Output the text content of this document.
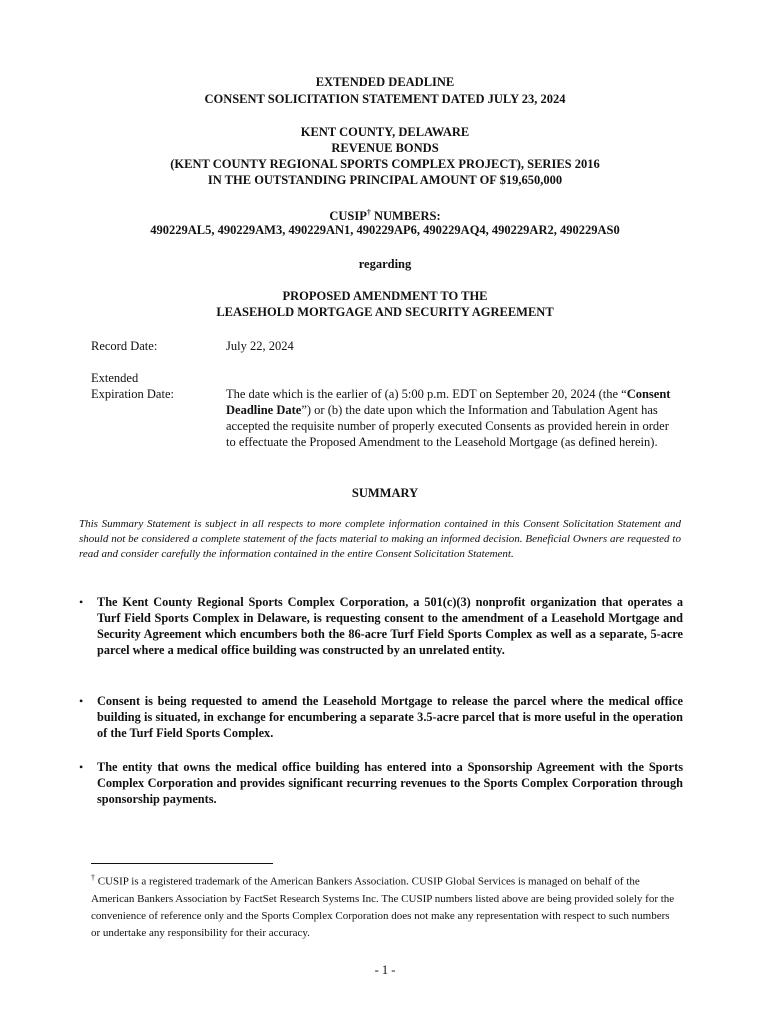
EXTENDED DEADLINE
CONSENT SOLICITATION STATEMENT DATED JULY 23, 2024
KENT COUNTY, DELAWARE
REVENUE BONDS
(KENT COUNTY REGIONAL SPORTS COMPLEX PROJECT), SERIES 2016
IN THE OUTSTANDING PRINCIPAL AMOUNT OF $19,650,000
CUSIP† NUMBERS:
490229AL5, 490229AM3, 490229AN1, 490229AP6, 490229AQ4, 490229AR2, 490229AS0
regarding
PROPOSED AMENDMENT TO THE
LEASEHOLD MORTGAGE AND SECURITY AGREEMENT
Record Date:	July 22, 2024
Extended
Expiration Date:	The date which is the earlier of (a) 5:00 p.m. EDT on September 20, 2024 (the “Consent Deadline Date”) or (b) the date upon which the Information and Tabulation Agent has accepted the requisite number of properly executed Consents as provided herein in order to effectuate the Proposed Amendment to the Leasehold Mortgage (as defined herein).
SUMMARY
This Summary Statement is subject in all respects to more complete information contained in this Consent Solicitation Statement and should not be considered a complete statement of the facts material to making an informed decision. Beneficial Owners are requested to read and consider carefully the information contained in the entire Consent Solicitation Statement.
• The Kent County Regional Sports Complex Corporation, a 501(c)(3) nonprofit organization that operates a Turf Field Sports Complex in Delaware, is requesting consent to the amendment of a Leasehold Mortgage and Security Agreement which encumbers both the 86-acre Turf Field Sports Complex as well as a separate, 5-acre parcel where a medical office building was constructed by an unrelated entity.
• Consent is being requested to amend the Leasehold Mortgage to release the parcel where the medical office building is situated, in exchange for encumbering a separate 3.5-acre parcel that is more useful in the operation of the Turf Field Sports Complex.
• The entity that owns the medical office building has entered into a Sponsorship Agreement with the Sports Complex Corporation and provides significant recurring revenues to the Sports Complex Corporation through sponsorship payments.
† CUSIP is a registered trademark of the American Bankers Association. CUSIP Global Services is managed on behalf of the American Bankers Association by FactSet Research Systems Inc. The CUSIP numbers listed above are being provided solely for the convenience of reference only and the Sports Complex Corporation does not make any representation with respect to such numbers or undertake any responsibility for their accuracy.
- 1 -
